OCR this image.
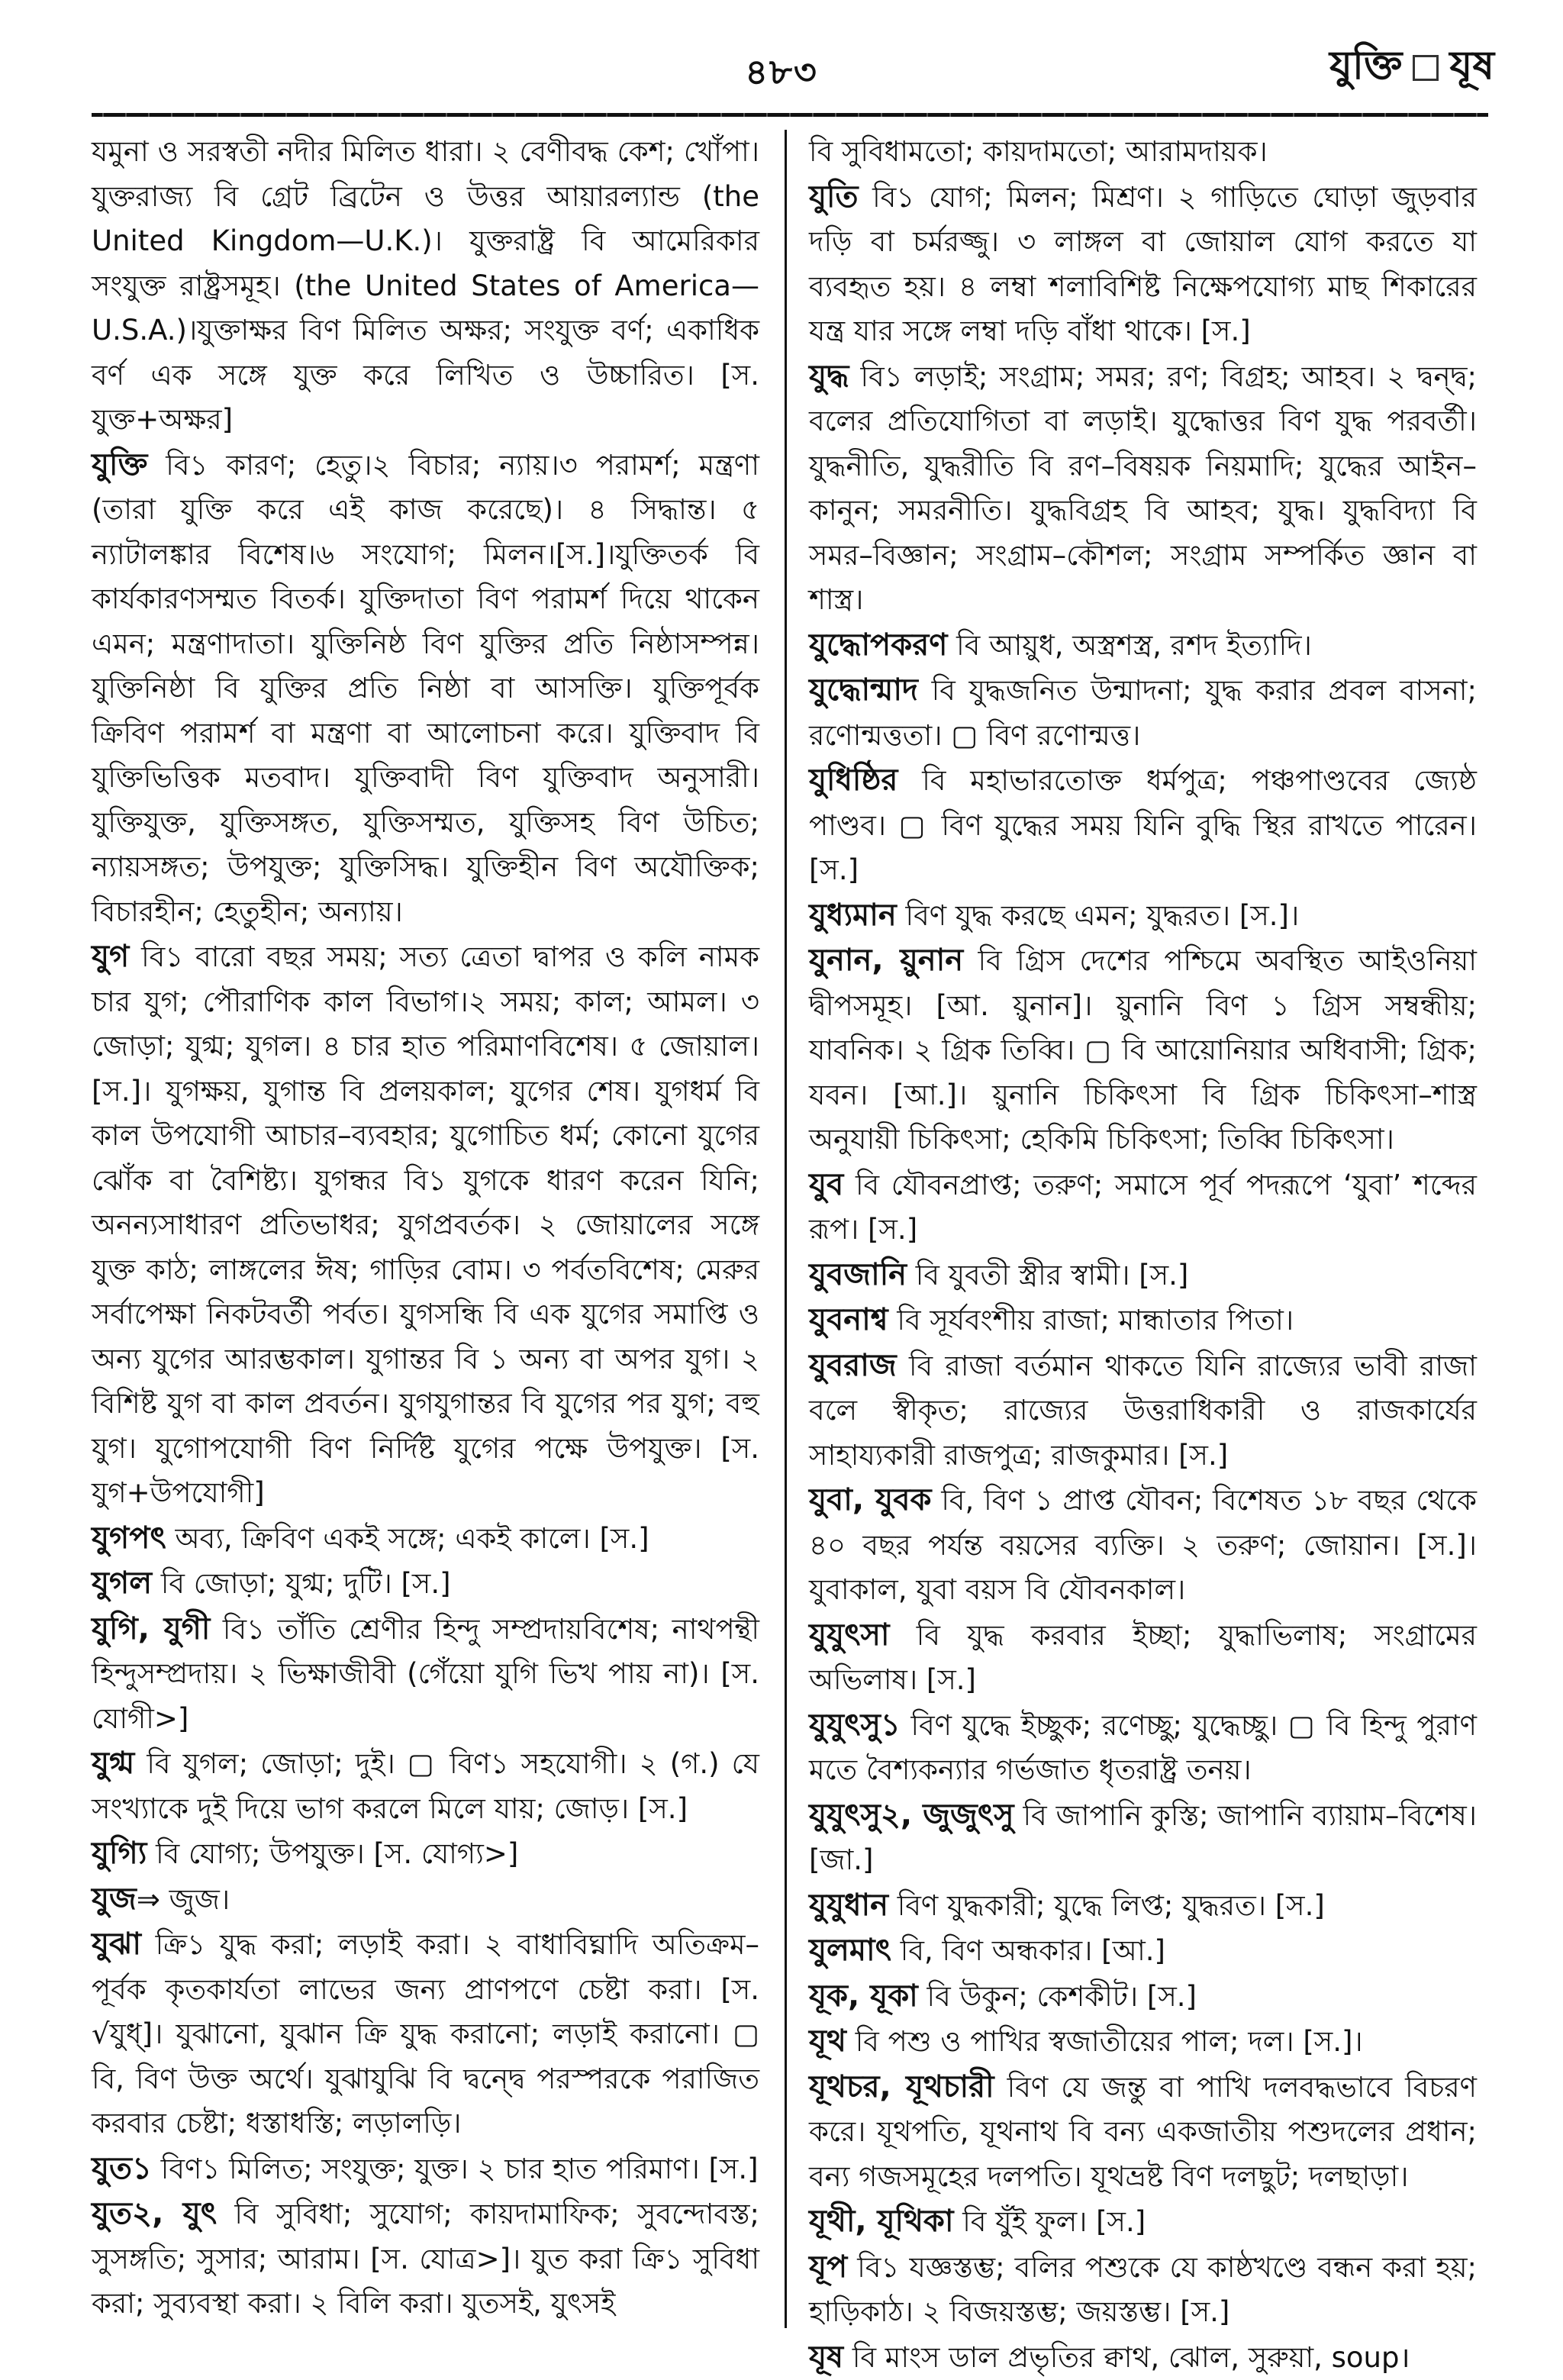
৪৮৩	যুক্তি যূষ

যমুনা ও সরস্বতী নদীর মিলিত ধারা। ২ বেণীবদ্ধ কেশ; খোঁপা। যুক্তরাজ্য বি গ্রেট ব্রিটেন ও উত্তর আয়ারল্যান্ড (the United Kingdom—U.K.)। যুক্তরাষ্ট্র বি আমেরিকার সংযুক্ত রাষ্ট্রসমূহ। (the United States of America—U.S.A.)।যুক্তাক্ষর বিণ মিলিত অক্ষর; সংযুক্ত বর্ণ; একাধিক বর্ণ এক সঙ্গে যুক্ত করে লিখিত ও উচ্চারিত। [স. যুক্ত+অক্ষর]

যুক্তি বি১ কারণ; হেতু।২ বিচার; ন্যায়।৩ পরামর্শ; মন্ত্রণা (তারা যুক্তি করে এই কাজ করেছে)। ৪ সিদ্ধান্ত। ৫ ন্যাটালঙ্কার বিশেষ।৬ সংযোগ; মিলন।[স.]।যুক্তিতর্ক বি কার্যকারণসম্মত বিতর্ক। যুক্তিদাতা বিণ পরামর্শ দিয়ে থাকেন এমন; মন্ত্রণাদাতা। যুক্তিনিষ্ঠ বিণ যুক্তির প্রতি নিষ্ঠাসম্পন্ন। যুক্তিনিষ্ঠা বি যুক্তির প্রতি নিষ্ঠা বা আসক্তি। যুক্তিপূর্বক ক্রিবিণ পরামর্শ বা মন্ত্রণা বা আলোচনা করে। যুক্তিবাদ বি যুক্তিভিত্তিক মতবাদ। যুক্তিবাদী বিণ যুক্তিবাদ অনুসারী। যুক্তিযুক্ত, যুক্তিসঙ্গত, যুক্তিসম্মত, যুক্তিসহ বিণ উচিত; ন্যায়সঙ্গত; উপযুক্ত; যুক্তিসিদ্ধ। যুক্তিহীন বিণ অযৌক্তিক; বিচারহীন; হেতুহীন; অন্যায়।

যুগ বি১ বারো বছর সময়; সত্য ত্রেতা দ্বাপর ও কলি নামক চার যুগ; পৌরাণিক কাল বিভাগ।২ সময়; কাল; আমল। ৩ জোড়া; যুগ্ম; যুগল। ৪ চার হাত পরিমাণবিশেষ। ৫ জোয়াল। [স.]। যুগক্ষয়, যুগান্ত বি প্রলয়কাল; যুগের শেষ। যুগধর্ম বি কাল উপযোগী আচার–ব্যবহার; যুগোচিত ধর্ম; কোনো যুগের ঝোঁক বা বৈশিষ্ট্য। যুগন্ধর বি১ যুগকে ধারণ করেন যিনি; অনন্যসাধারণ প্রতিভাধর; যুগপ্রবর্তক। ২ জোয়ালের সঙ্গে যুক্ত কাঠ; লাঙ্গলের ঈষ; গাড়ির বোম। ৩ পর্বতবিশেষ; মেরুর সর্বাপেক্ষা নিকটবর্তী পর্বত। যুগসন্ধি বি এক যুগের সমাপ্তি ও অন্য যুগের আরম্ভকাল। যুগান্তর বি ১ অন্য বা অপর যুগ। ২ বিশিষ্ট যুগ বা কাল প্রবর্তন। যুগযুগান্তর বি যুগের পর যুগ; বহু যুগ। যুগোপযোগী বিণ নির্দিষ্ট যুগের পক্ষে উপযুক্ত। [স. যুগ+উপযোগী]

যুগপৎ অব্য, ক্রিবিণ একই সঙ্গে; একই কালে। [স.]

যুগল বি জোড়া; যুগ্ম; দুটি। [স.]

যুগি, যুগী বি১ তাঁতি শ্রেণীর হিন্দু সম্প্রদায়বিশেষ; নাথপন্থী হিন্দুসম্প্রদায়। ২ ভিক্ষাজীবী (গেঁয়ো যুগি ভিখ পায় না)। [স. যোগী>]

যুগ্ম বি যুগল; জোড়া; দুই। ▢ বিণ১ সহযোগী। ২ (গ.) যে সংখ্যাকে দুই দিয়ে ভাগ করলে মিলে যায়; জোড়। [স.]

যুগ্যি বি যোগ্য; উপযুক্ত। [স. যোগ্য>]

যুজ⇒ জুজ।

যুঝা ক্রি১ যুদ্ধ করা; লড়াই করা। ২ বাধাবিঘ্নাদি অতিক্রম–পূর্বক কৃতকার্যতা লাভের জন্য প্রাণপণে চেষ্টা করা। [স. √যুধ্]। যুঝানো, যুঝান ক্রি যুদ্ধ করানো; লড়াই করানো। ▢ বি, বিণ উক্ত অর্থে। যুঝাযুঝি বি দ্বন্দ্বে পরস্পরকে পরাজিত করবার চেষ্টা; ধস্তাধস্তি; লড়ালড়ি।

যুত১ বিণ১ মিলিত; সংযুক্ত; যুক্ত। ২ চার হাত পরিমাণ। [স.]

যুত২, যুৎ বি সুবিধা; সুযোগ; কায়দামাফিক; সুবন্দোবস্ত; সুসঙ্গতি; সুসার; আরাম। [স. যোত্র>]। যুত করা ক্রি১ সুবিধা করা; সুব্যবস্থা করা। ২ বিলি করা। যুতসই, যুৎসই

বি সুবিধামতো; কায়দামতো; আরামদায়ক।

যুতি বি১ যোগ; মিলন; মিশ্রণ। ২ গাড়িতে ঘোড়া জুড়বার দড়ি বা চর্মরজ্জু। ৩ লাঙ্গল বা জোয়াল যোগ করতে যা ব্যবহৃত হয়। ৪ লম্বা শলাবিশিষ্ট নিক্ষেপযোগ্য মাছ শিকারের যন্ত্র যার সঙ্গে লম্বা দড়ি বাঁধা থাকে। [স.]

যুদ্ধ বি১ লড়াই; সংগ্রাম; সমর; রণ; বিগ্রহ; আহব। ২ দ্বন্দ্ব; বলের প্রতিযোগিতা বা লড়াই। যুদ্ধোত্তর বিণ যুদ্ধ পরবর্তী। যুদ্ধনীতি, যুদ্ধরীতি বি রণ–বিষয়ক নিয়মাদি; যুদ্ধের আইন–কানুন; সমরনীতি। যুদ্ধবিগ্রহ বি আহব; যুদ্ধ। যুদ্ধবিদ্যা বি সমর–বিজ্ঞান; সংগ্রাম–কৌশল; সংগ্রাম সম্পর্কিত জ্ঞান বা শাস্ত্র।

যুদ্ধোপকরণ বি আয়ুধ, অস্ত্রশস্ত্র, রশদ ইত্যাদি।

যুদ্ধোন্মাদ বি যুদ্ধজনিত উন্মাদনা; যুদ্ধ করার প্রবল বাসনা; রণোন্মত্ততা। ▢ বিণ রণোন্মত্ত।

যুধিষ্ঠির বি মহাভারতোক্ত ধর্মপুত্র; পঞ্চপাণ্ডবের জ্যেষ্ঠ পাণ্ডব। ▢ বিণ যুদ্ধের সময় যিনি বুদ্ধি স্থির রাখতে পারেন। [স.]

যুধ্যমান বিণ যুদ্ধ করছে এমন; যুদ্ধরত। [স.]।

যুনান, য়ুনান বি গ্রিস দেশের পশ্চিমে অবস্থিত আইওনিয়া দ্বীপসমূহ। [আ. য়ুনান]। য়ুনানি বিণ ১ গ্রিস সম্বন্ধীয়; যাবনিক। ২ গ্রিক তিব্বি। ▢ বি আয়োনিয়ার অধিবাসী; গ্রিক; যবন। [আ.]। য়ুনানি চিকিৎসা বি গ্রিক চিকিৎসা–শাস্ত্র অনুযায়ী চিকিৎসা; হেকিমি চিকিৎসা; তিব্বি চিকিৎসা।

যুব বি যৌবনপ্রাপ্ত; তরুণ; সমাসে পূর্ব পদরূপে ‘যুবা’ শব্দের রূপ। [স.]

যুবজানি বি যুবতী স্ত্রীর স্বামী। [স.]

যুবনাশ্ব বি সূর্যবংশীয় রাজা; মান্ধাতার পিতা।

যুবরাজ বি রাজা বর্তমান থাকতে যিনি রাজ্যের ভাবী রাজা বলে স্বীকৃত; রাজ্যের উত্তরাধিকারী ও রাজকার্যের সাহায্যকারী রাজপুত্র; রাজকুমার। [স.]

যুবা, যুবক বি, বিণ ১ প্রাপ্ত যৌবন; বিশেষত ১৮ বছর থেকে ৪০ বছর পর্যন্ত বয়সের ব্যক্তি। ২ তরুণ; জোয়ান। [স.]। যুবাকাল, যুবা বয়স বি যৌবনকাল।

যুযুৎসা বি যুদ্ধ করবার ইচ্ছা; যুদ্ধাভিলাষ; সংগ্রামের অভিলাষ। [স.]

যুযুৎসু১ বিণ যুদ্ধে ইচ্ছুক; রণেচ্ছু; যুদ্ধেচ্ছু। ▢ বি হিন্দু পুরাণ মতে বৈশ্যকন্যার গর্ভজাত ধৃতরাষ্ট্র তনয়।

যুযুৎসু২, জুজুৎসু বি জাপানি কুস্তি; জাপানি ব্যায়াম–বিশেষ। [জা.]

যুযুধান বিণ যুদ্ধকারী; যুদ্ধে লিপ্ত; যুদ্ধরত। [স.]

যুলমাৎ বি, বিণ অন্ধকার। [আ.]

যূক, যূকা বি উকুন; কেশকীট। [স.]

যূথ বি পশু ও পাখির স্বজাতীয়ের পাল; দল। [স.]।

যূথচর, যূথচারী বিণ যে জন্তু বা পাখি দলবদ্ধভাবে বিচরণ করে। যূথপতি, যূথনাথ বি বন্য একজাতীয় পশুদলের প্রধান; বন্য গজসমূহের দলপতি। যূথভ্রষ্ট বিণ দলছুট; দলছাড়া।

যূথী, যূথিকা বি যুঁই ফুল। [স.]

যূপ বি১ যজ্ঞস্তম্ভ; বলির পশুকে যে কাষ্ঠখণ্ডে বন্ধন করা হয়; হাড়িকাঠ। ২ বিজয়স্তম্ভ; জয়স্তম্ভ। [স.]

যূষ বি মাংস ডাল প্রভৃতির ক্বাথ, ঝোল, সুরুয়া, soup।
